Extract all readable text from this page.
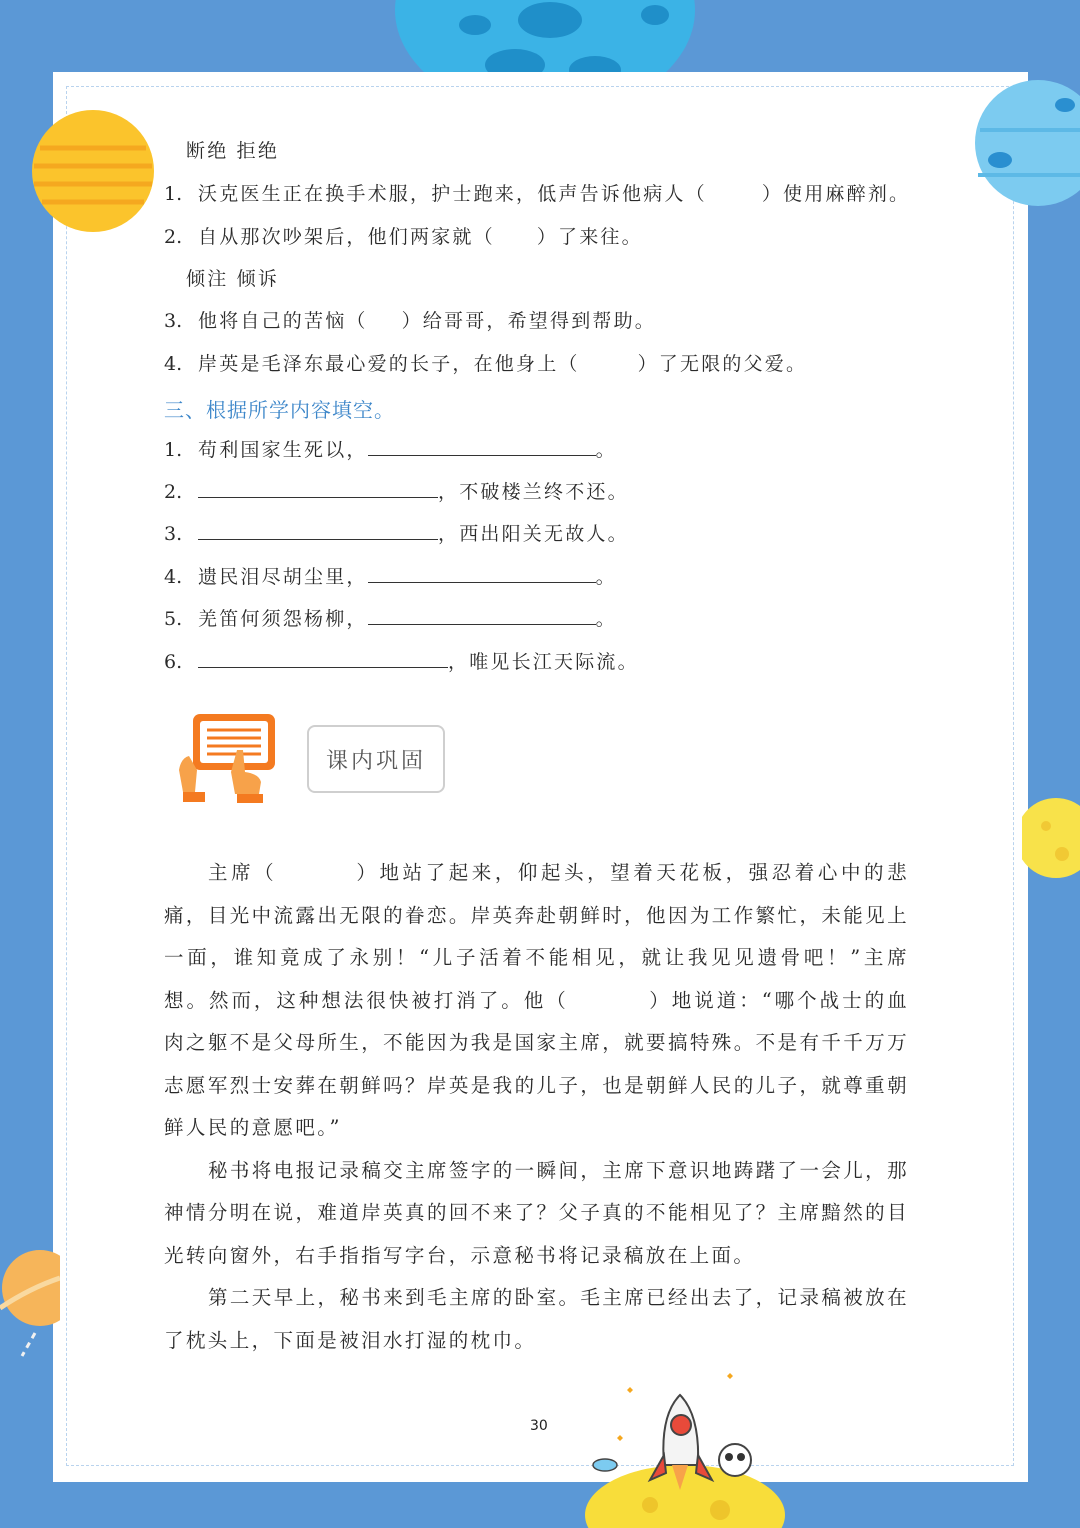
断绝 拒绝
1. 沃克医生正在换手术服，护士跑来，低声告诉他病人（	）使用麻醉剂。
2. 自从那次吵架后，他们两家就（ ）了来往。
倾注 倾诉
3. 他将自己的苦恼（ ）给哥哥，希望得到帮助。
4. 岸英是毛泽东最心爱的长子，在他身上（	）了无限的父爱。
三、根据所学内容填空。
1. 苟利国家生死以，	。
2.	，不破楼兰终不还。
3.	，西出阳关无故人。
4. 遗民泪尽胡尘里，	。
5. 羌笛何须怨杨柳，	。
6.	，唯见长江天际流。
课内巩固

主席（	）地站了起来，仰起头，望着天花板，强忍着心中的悲痛，目光中流露出无限的眷恋。岸英奔赴朝鲜时，他因为工作繁忙，未能见上一面，谁知竟成了永别！“儿子活着不能相见，就让我见见遗骨吧！”主席想。然而，这种想法很快被打消了。他（	）地说道：“哪个战士的血肉之躯不是父母所生，不能因为我是国家主席，就要搞特殊。不是有千千万万志愿军烈士安葬在朝鲜吗？岸英是我的儿子，也是朝鲜人民的儿子，就尊重朝鲜人民的意愿吧。”

秘书将电报记录稿交主席签字的一瞬间，主席下意识地踌躇了一会儿，那神情分明在说，难道岸英真的回不来了？父子真的不能相见了？主席黯然的目光转向窗外，右手指指写字台，示意秘书将记录稿放在上面。

第二天早上，秘书来到毛主席的卧室。毛主席已经出去了，记录稿被放在了枕头上，下面是被泪水打湿的枕巾。

30
